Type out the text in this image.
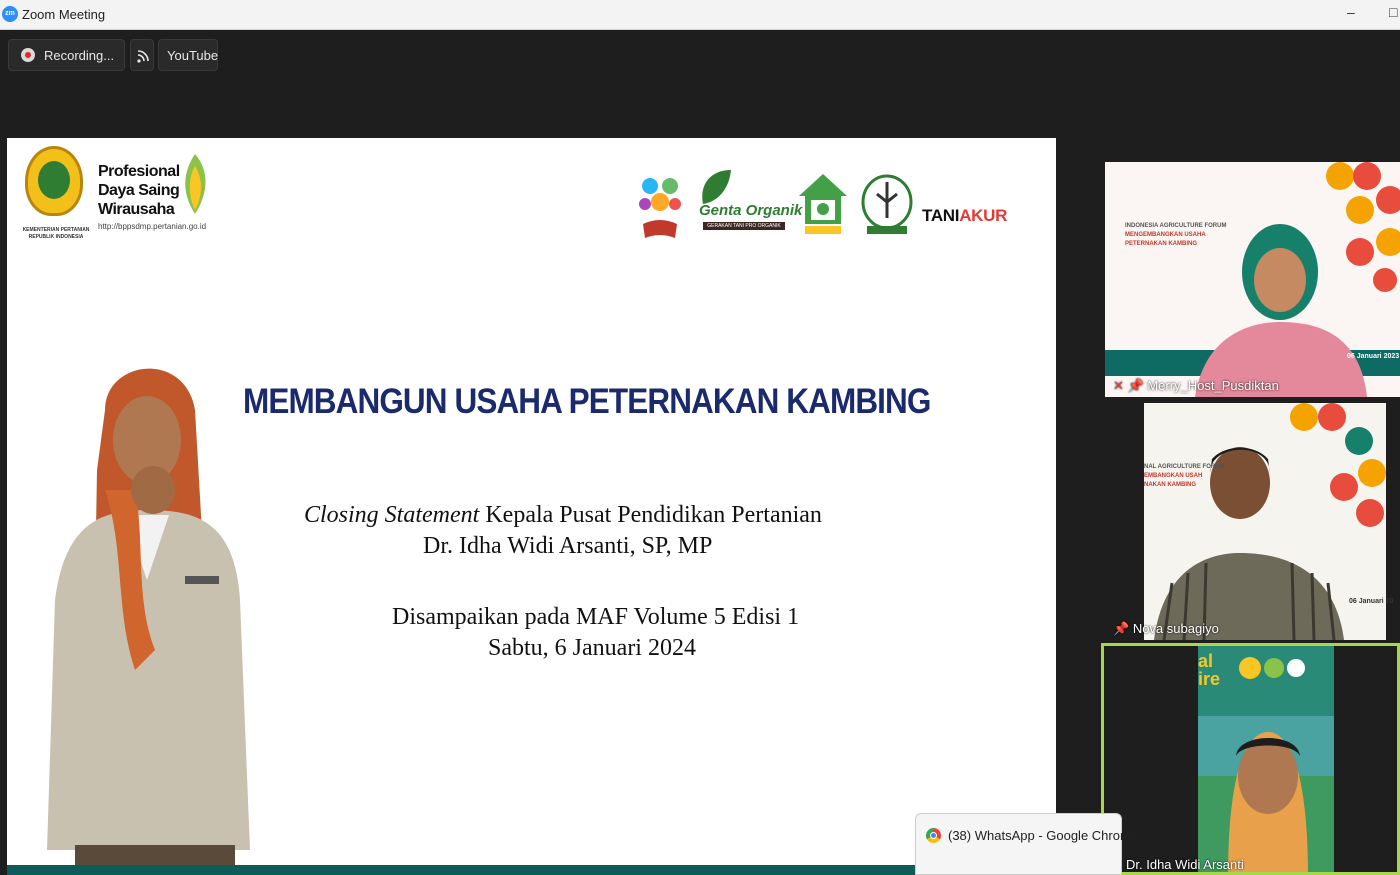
zm Zoom Meeting	– □
Recording...	YouTube
KEMENTERIAN PERTANIAN REPUBLIK INDONESIA
Profesional
Daya Saing
Wirausaha
http://bppsdmp.pertanian.go.id
Genta Organik
GERAKAN TANI PRO ORGANIK
TANIAKUR
MEMBANGUN USAHA PETERNAKAN KAMBING
Closing Statement Kepala Pusat Pendidikan Pertanian
Dr. Idha Widi Arsanti, SP, MP
Disampaikan pada MAF Volume 5 Edisi 1
Sabtu, 6 Januari 2024
INDONESIA AGRICULTURE FORUM
MENGEMBANGKAN USAHA
PETERNAKAN KAMBING
06 Januari 2023
✕ 📌 Merry_Host_Pusdiktan
NAL AGRICULTURE FORUM
EMBANGKAN USAH
NAKAN KAMBING
06 Januari 20
📌 Nova subagiyo
al
ire
Dr. Idha Widi Arsanti
(38) WhatsApp - Google Chrome
